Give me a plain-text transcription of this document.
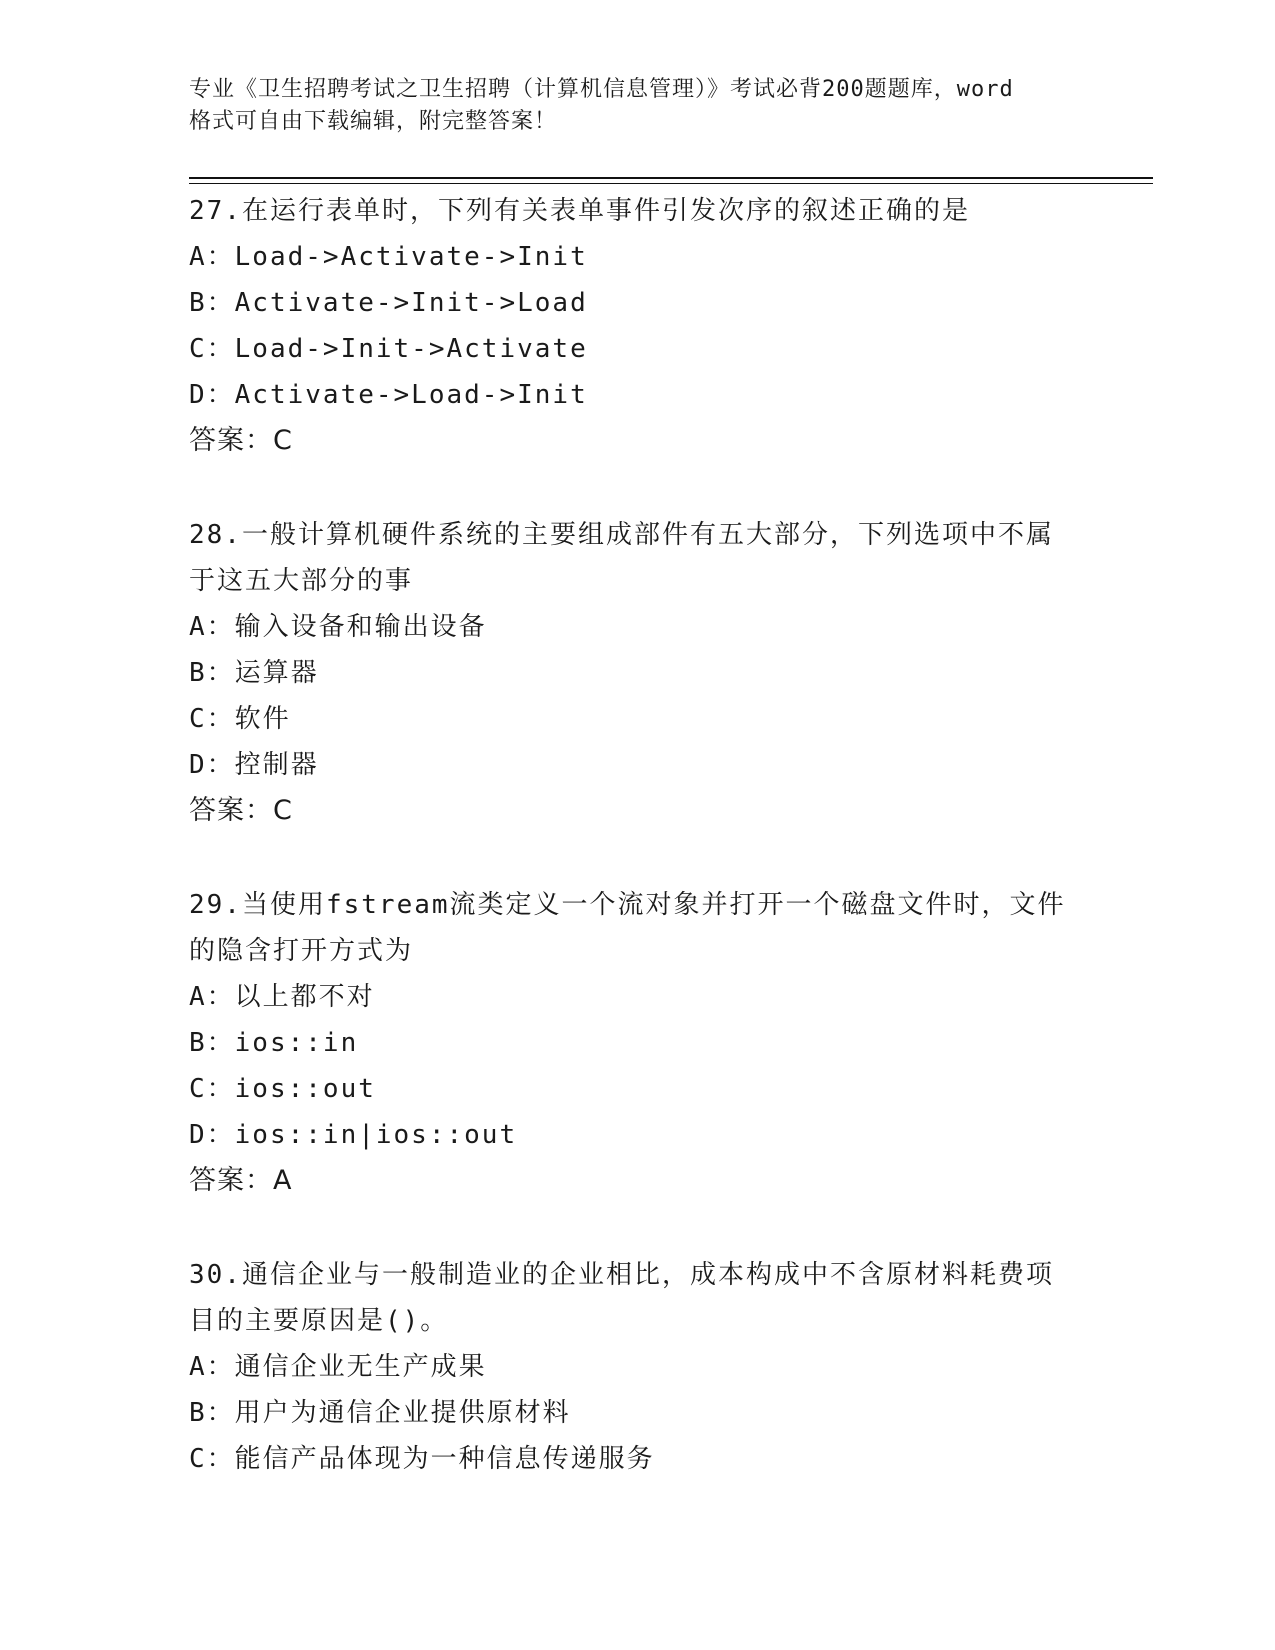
专业《卫生招聘考试之卫生招聘（计算机信息管理）》考试必背200题题库，word
格式可自由下载编辑，附完整答案！
27.在运行表单时，下列有关表单事件引发次序的叙述正确的是
A：Load->Activate->Init
B：Activate->Init->Load
C：Load->Init->Activate
D：Activate->Load->Init
答案：C
28.一般计算机硬件系统的主要组成部件有五大部分，下列选项中不属于这五大部分的事
A：输入设备和输出设备
B：运算器
C：软件
D：控制器
答案：C
29.当使用fstream流类定义一个流对象并打开一个磁盘文件时，文件的隐含打开方式为
A：以上都不对
B：ios::in
C：ios::out
D：ios::in|ios::out
答案：A
30.通信企业与一般制造业的企业相比，成本构成中不含原材料耗费项目的主要原因是()。
A：通信企业无生产成果
B：用户为通信企业提供原材料
C：能信产品体现为一种信息传递服务
